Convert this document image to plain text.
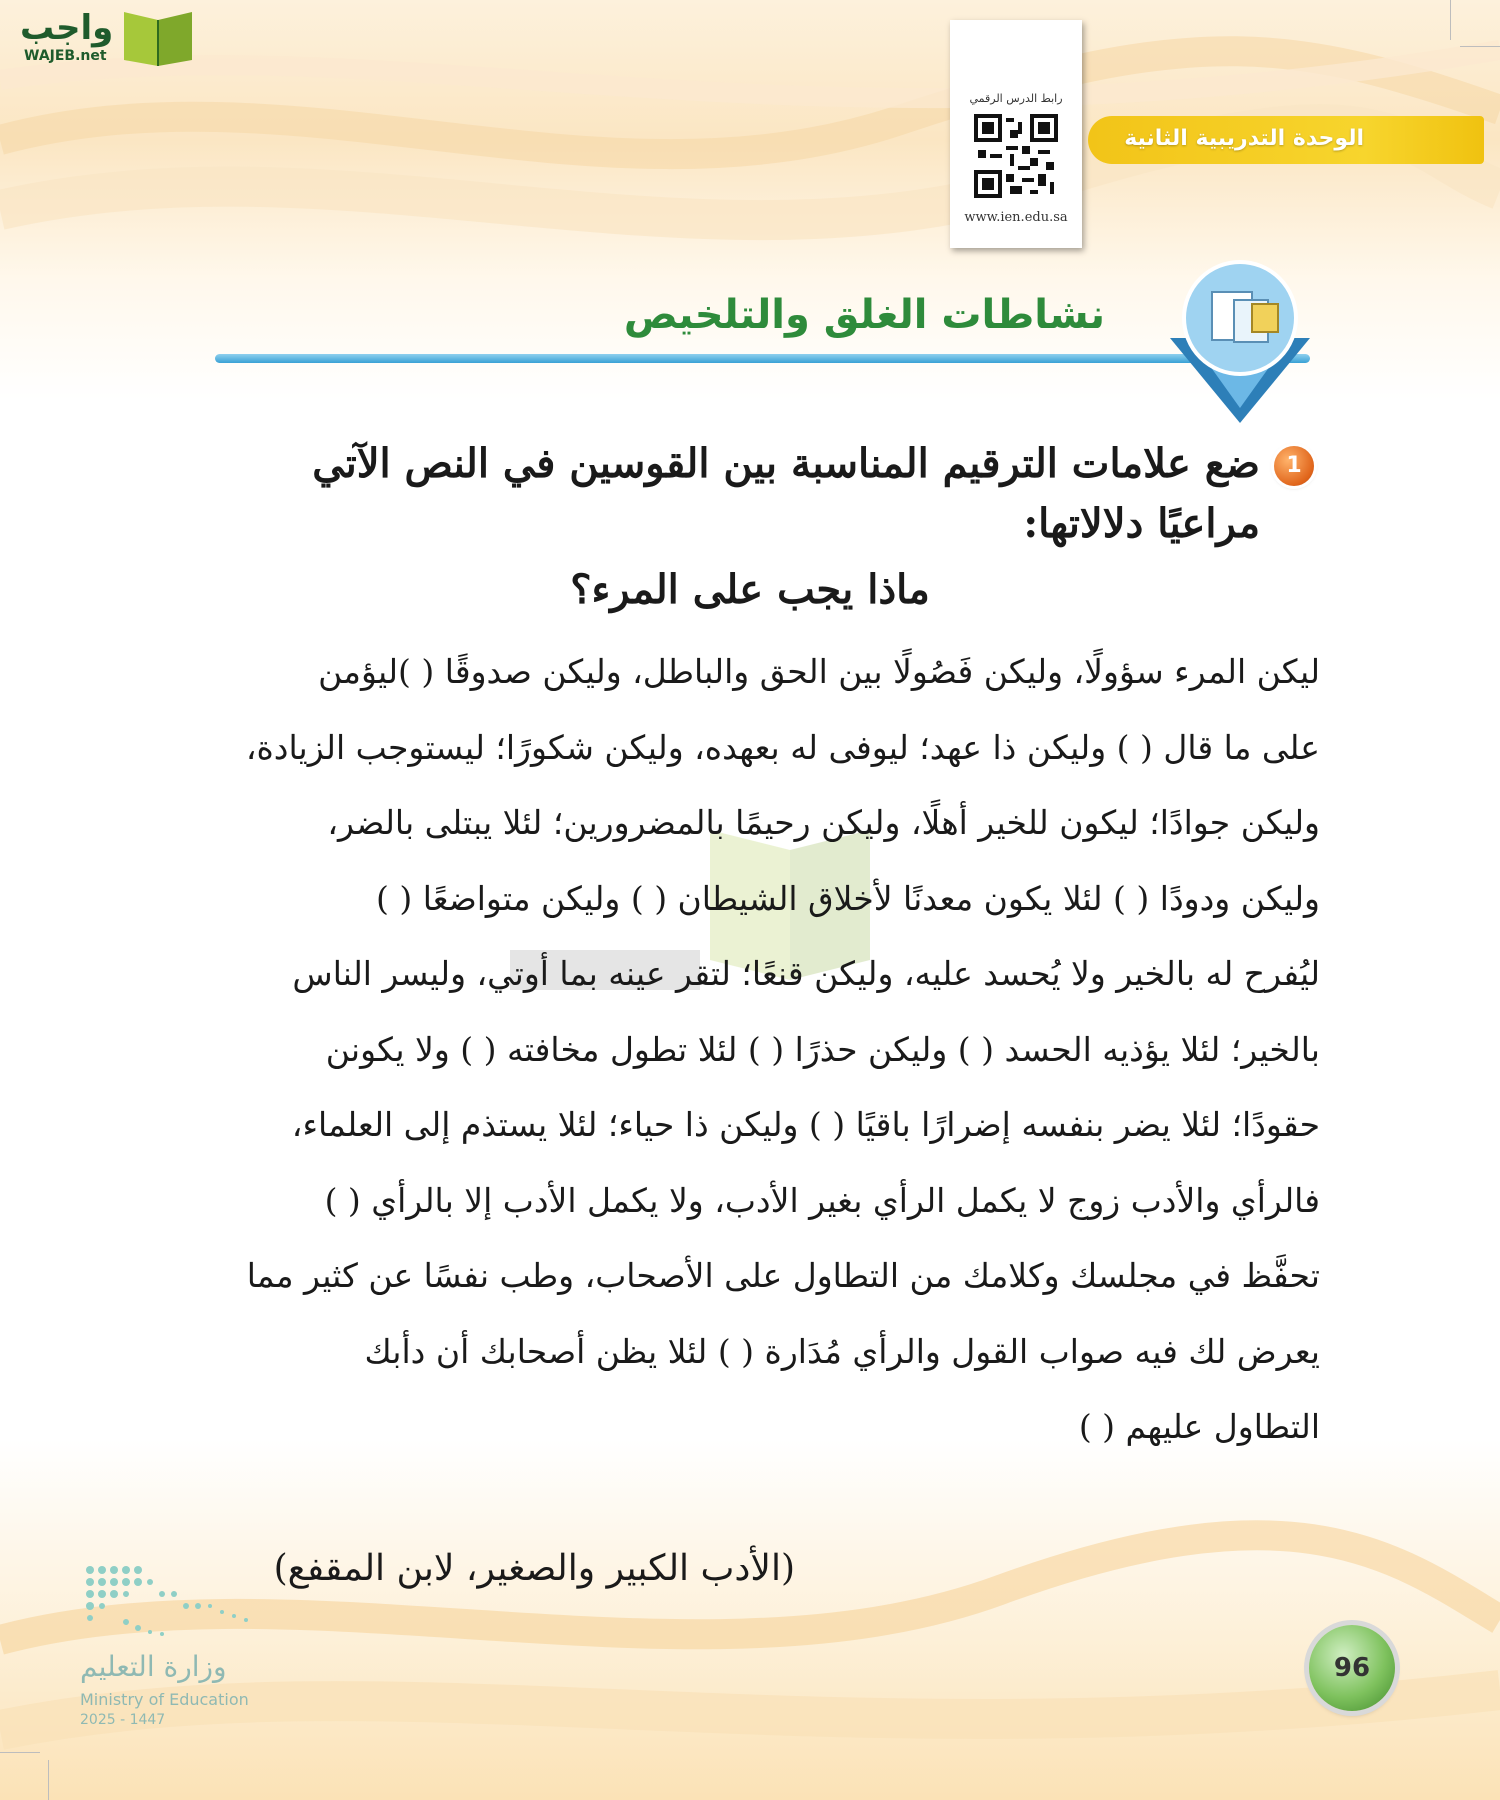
واجب
WAJEB.net
رابط الدرس الرقمي
www.ien.edu.sa
الوحدة التدريبية الثانية
نشاطات الغلق والتلخيص
1
ضع علامات الترقيم المناسبة بين القوسين في النص الآتي مراعيًا دلالاتها:
ماذا يجب على المرء؟
ليكن المرء سؤولًا، وليكن فَصُولًا بين الحق والباطل، وليكن صدوقًا ( )ليؤمن
على ما قال ( ) وليكن ذا عهد؛ ليوفى له بعهده، وليكن شكورًا؛ ليستوجب الزيادة،
وليكن جوادًا؛ ليكون للخير أهلًا، وليكن رحيمًا بالمضرورين؛ لئلا يبتلى بالضر،
وليكن ودودًا ( ) لئلا يكون معدنًا لأخلاق الشيطان ( ) وليكن متواضعًا ( )
ليُفرح له بالخير ولا يُحسد عليه، وليكن قنعًا؛ لتقر عينه بما أوتي، وليسر الناس
بالخير؛ لئلا يؤذيه الحسد ( ) وليكن حذرًا ( ) لئلا تطول مخافته ( ) ولا يكونن
حقودًا؛ لئلا يضر بنفسه إضرارًا باقيًا ( ) وليكن ذا حياء؛ لئلا يستذم إلى العلماء،
فالرأي والأدب زوج لا يكمل الرأي بغير الأدب، ولا يكمل الأدب إلا بالرأي ( )
تحفَّظ في مجلسك وكلامك من التطاول على الأصحاب، وطب نفسًا عن كثير مما
يعرض لك فيه صواب القول والرأي مُدَارة ( ) لئلا يظن أصحابك أن دأبك
التطاول عليهم ( )
(الأدب الكبير والصغير، لابن المقفع)
وزارة التعليم
Ministry of Education
2025 - 1447
96
